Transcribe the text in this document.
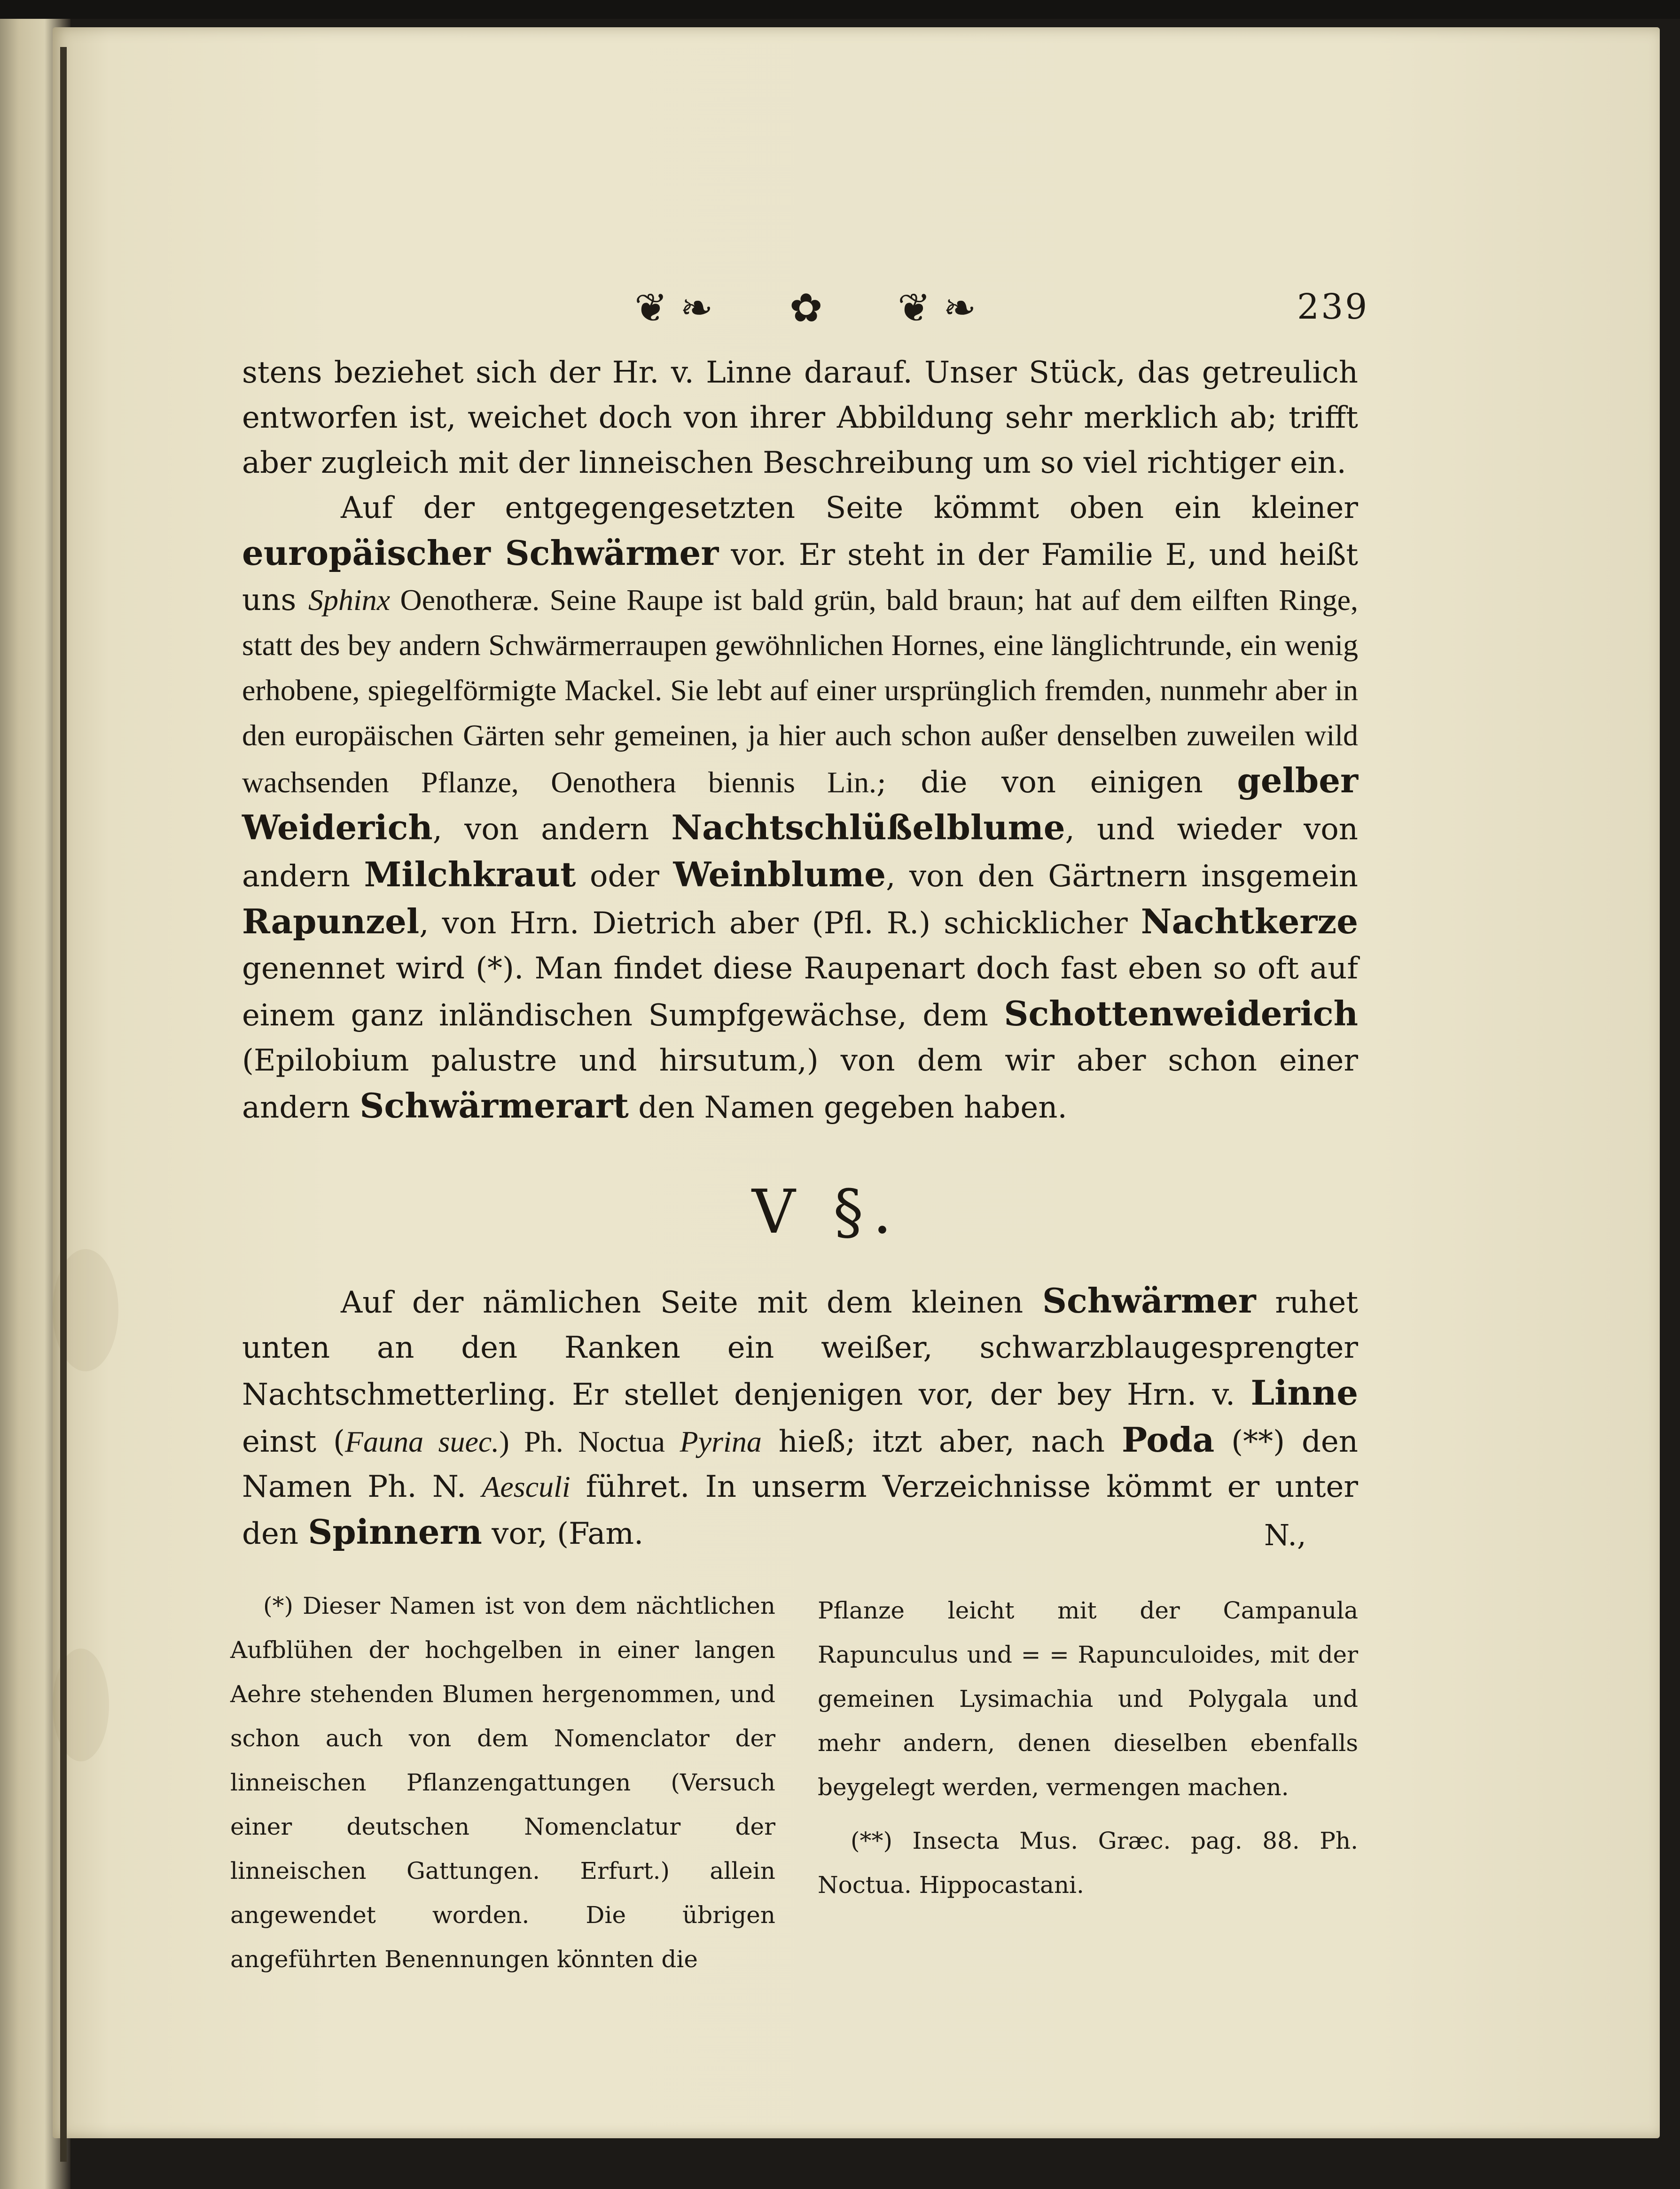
❦ ❧ ✿ ❦ ❧	239

stens beziehet sich der Hr. v. Linne darauf. Unser Stück, das getreulich entworfen ist, weichet doch von ihrer Abbildung sehr merklich ab; trifft aber zugleich mit der linneischen Beschreibung um so viel richtiger ein.

Auf der entgegengesetzten Seite kömmt oben ein kleiner europäischer Schwärmer vor. Er steht in der Familie E, und heißt uns Sphinx Oenotheræ. Seine Raupe ist bald grün, bald braun; hat auf dem eilften Ringe, statt des bey andern Schwärmerraupen gewöhnlichen Hornes, eine länglichtrunde, ein wenig erhobene, spiegelförmigte Mackel. Sie lebt auf einer ursprünglich fremden, nunmehr aber in den europäischen Gärten sehr gemeinen, ja hier auch schon außer denselben zuweilen wild wachsenden Pflanze, Oenothera biennis Lin.; die von einigen gelber Weiderich, von andern Nachtschlüßelblume, und wieder von andern Milchkraut oder Weinblume, von den Gärtnern insgemein Rapunzel, von Hrn. Dietrich aber (Pfl. R.) schicklicher Nachtkerze genennet wird (*). Man findet diese Raupenart doch fast eben so oft auf einem ganz inländischen Sumpfgewächse, dem Schottenweiderich (Epilobium palustre und hirsutum,) von dem wir aber schon einer andern Schwärmerart den Namen gegeben haben.

V §.

Auf der nämlichen Seite mit dem kleinen Schwärmer ruhet unten an den Ranken ein weißer, schwarzblaugesprengter Nachtschmetterling. Er stellet denjenigen vor, der bey Hrn. v. Linne einst (Fauna suec.) Ph. Noctua Pyrina hieß; itzt aber, nach Poda (**) den Namen Ph. N. Aesculi führet. In unserm Verzeichnisse kömmt er unter den Spinnern vor, (Fam.	N.,

(*) Dieser Namen ist von dem nächtlichen Aufblühen der hochgelben in einer langen Aehre stehenden Blumen hergenommen, und schon auch von dem Nomenclator der linneischen Pflanzengattungen (Versuch einer deutschen Nomenclatur der linneischen Gattungen. Erfurt.) allein angewendet worden. Die übrigen angeführten Benennungen könnten die

Pflanze leicht mit der Campanula Rapunculus und = = Rapunculoides, mit der gemeinen Lysimachia und Polygala und mehr andern, denen dieselben ebenfalls beygelegt werden, vermengen machen.

(**) Insecta Mus. Græc. pag. 88. Ph. Noctua. Hippocastani.
